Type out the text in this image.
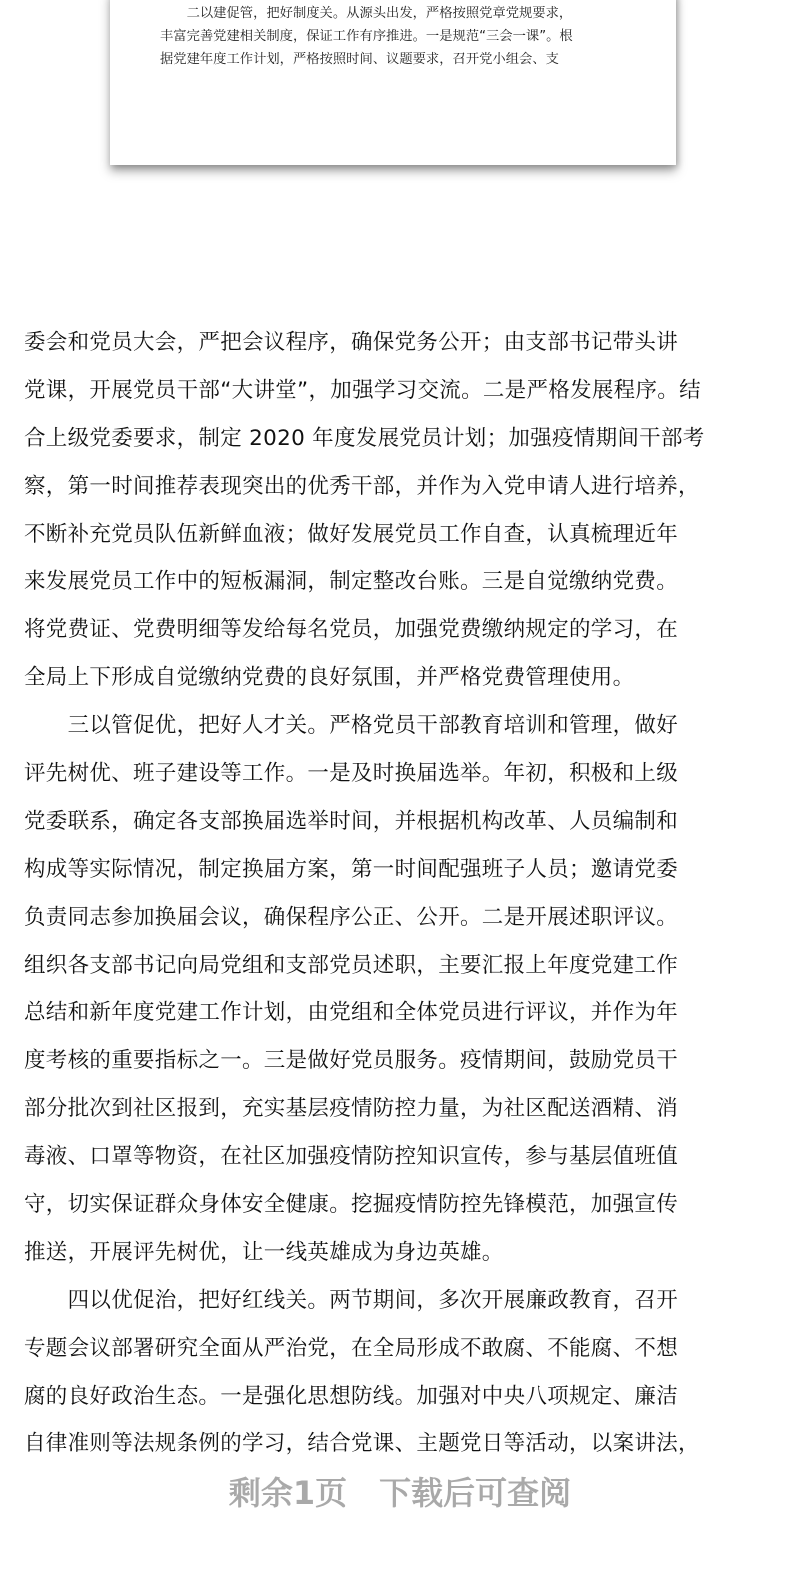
　　二以建促管，把好制度关。从源头出发，严格按照党章党规要求，
丰富完善党建相关制度，保证工作有序推进。一是规范“三会一课”。根
据党建年度工作计划，严格按照时间、议题要求，召开党小组会、支
委会和党员大会，严把会议程序，确保党务公开；由支部书记带头讲
党课，开展党员干部“大讲堂”，加强学习交流。二是严格发展程序。结
合上级党委要求，制定 2020 年度发展党员计划；加强疫情期间干部考
察，第一时间推荐表现突出的优秀干部，并作为入党申请人进行培养，
不断补充党员队伍新鲜血液；做好发展党员工作自查，认真梳理近年
来发展党员工作中的短板漏洞，制定整改台账。三是自觉缴纳党费。
将党费证、党费明细等发给每名党员，加强党费缴纳规定的学习，在
全局上下形成自觉缴纳党费的良好氛围，并严格党费管理使用。
　　三以管促优，把好人才关。严格党员干部教育培训和管理，做好
评先树优、班子建设等工作。一是及时换届选举。年初，积极和上级
党委联系，确定各支部换届选举时间，并根据机构改革、人员编制和
构成等实际情况，制定换届方案，第一时间配强班子人员；邀请党委
负责同志参加换届会议，确保程序公正、公开。二是开展述职评议。
组织各支部书记向局党组和支部党员述职，主要汇报上年度党建工作
总结和新年度党建工作计划，由党组和全体党员进行评议，并作为年
度考核的重要指标之一。三是做好党员服务。疫情期间，鼓励党员干
部分批次到社区报到，充实基层疫情防控力量，为社区配送酒精、消
毒液、口罩等物资，在社区加强疫情防控知识宣传，参与基层值班值
守，切实保证群众身体安全健康。挖掘疫情防控先锋模范，加强宣传
推送，开展评先树优，让一线英雄成为身边英雄。
　　四以优促治，把好红线关。两节期间，多次开展廉政教育，召开
专题会议部署研究全面从严治党，在全局形成不敢腐、不能腐、不想
腐的良好政治生态。一是强化思想防线。加强对中央八项规定、廉洁
自律准则等法规条例的学习，结合党课、主题党日等活动，以案讲法，
剩余1页 下载后可查阅
